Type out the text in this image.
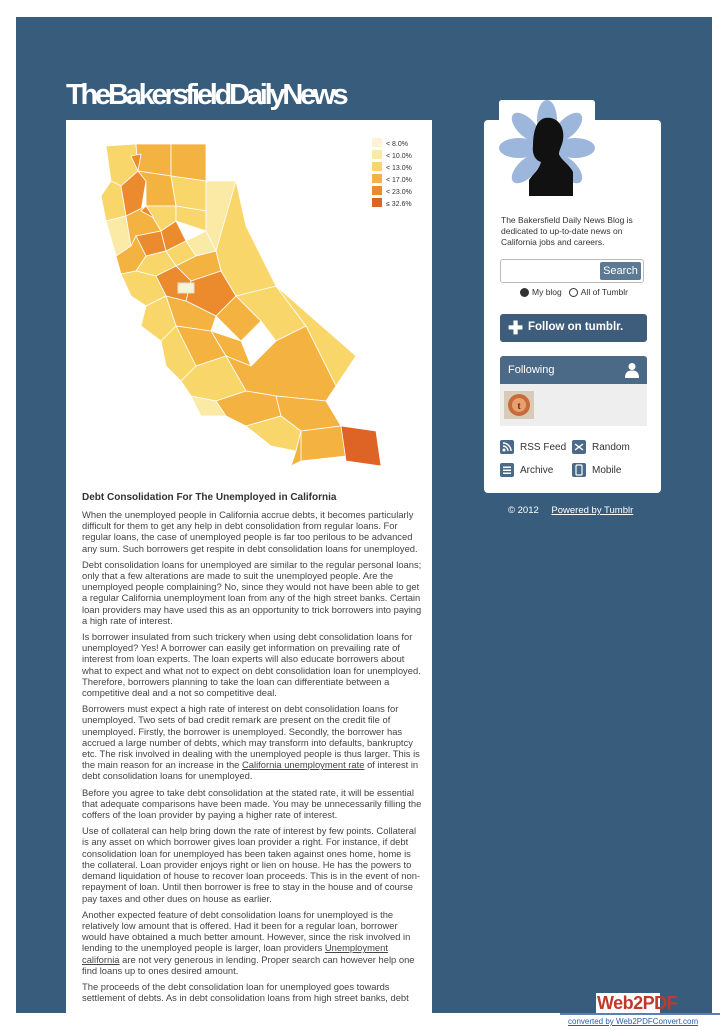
TheBakersfieldDailyNews
< 8.0%
< 10.0%
< 13.0%
< 17.0%
< 23.0%
≤ 32.6%
Debt Consolidation For The Unemployed in California

When the unemployed people in California accrue debts, it becomes particularly difficult for them to get any help in debt consolidation from regular loans. For regular loans, the case of unemployed people is far too perilous to be advanced any sum. Such borrowers get respite in debt consolidation loans for unemployed.

Debt consolidation loans for unemployed are similar to the regular personal loans; only that a few alterations are made to suit the unemployed people. Are the unemployed people complaining? No, since they would not have been able to get a regular California unemployment loan from any of the high street banks. Certain loan providers may have used this as an opportunity to trick borrowers into paying a high rate of interest.

Is borrower insulated from such trickery when using debt consolidation loans for unemployed? Yes! A borrower can easily get information on prevailing rate of interest from loan experts. The loan experts will also educate borrowers about what to expect and what not to expect on debt consolidation loan for unemployed. Therefore, borrowers planning to take the loan can differentiate between a competitive deal and a not so competitive deal.

Borrowers must expect a high rate of interest on debt consolidation loans for unemployed. Two sets of bad credit remark are present on the credit file of unemployed. Firstly, the borrower is unemployed. Secondly, the borrower has accrued a large number of debts, which may transform into defaults, bankruptcy etc. The risk involved in dealing with the unemployed people is thus larger. This is the main reason for an increase in the California unemployment rate of interest in debt consolidation loans for unemployed.

Before you agree to take debt consolidation at the stated rate, it will be essential that adequate comparisons have been made. You may be unnecessarily filling the coffers of the loan provider by paying a higher rate of interest.

Use of collateral can help bring down the rate of interest by few points. Collateral is any asset on which borrower gives loan provider a right. For instance, if debt consolidation loan for unemployed has been taken against ones home, home is the collateral. Loan provider enjoys right or lien on house. He has the powers to demand liquidation of house to recover loan proceeds. This is in the event of non-repayment of loan. Until then borrower is free to stay in the house and of course pay taxes and other dues on house as earlier.

Another expected feature of debt consolidation loans for unemployed is the relatively low amount that is offered. Had it been for a regular loan, borrower would have obtained a much better amount. However, since the risk involved in lending to the unemployed people is larger, loan providers Unemployment california are not very generous in lending. Proper search can however help one find loans up to ones desired amount.

The proceeds of the debt consolidation loan for unemployed goes towards settlement of debts. As in debt consolidation loans from high street banks, debt

The Bakersfield Daily News Blog is dedicated to up-to-date news on California jobs and careers.
Search
My blog All of Tumblr
✚ Follow on tumblr.
Following
t
RSS Feed	Random
Archive	Mobile
© 2012 Powered by Tumblr
Web2PDF
converted by Web2PDFConvert.com
